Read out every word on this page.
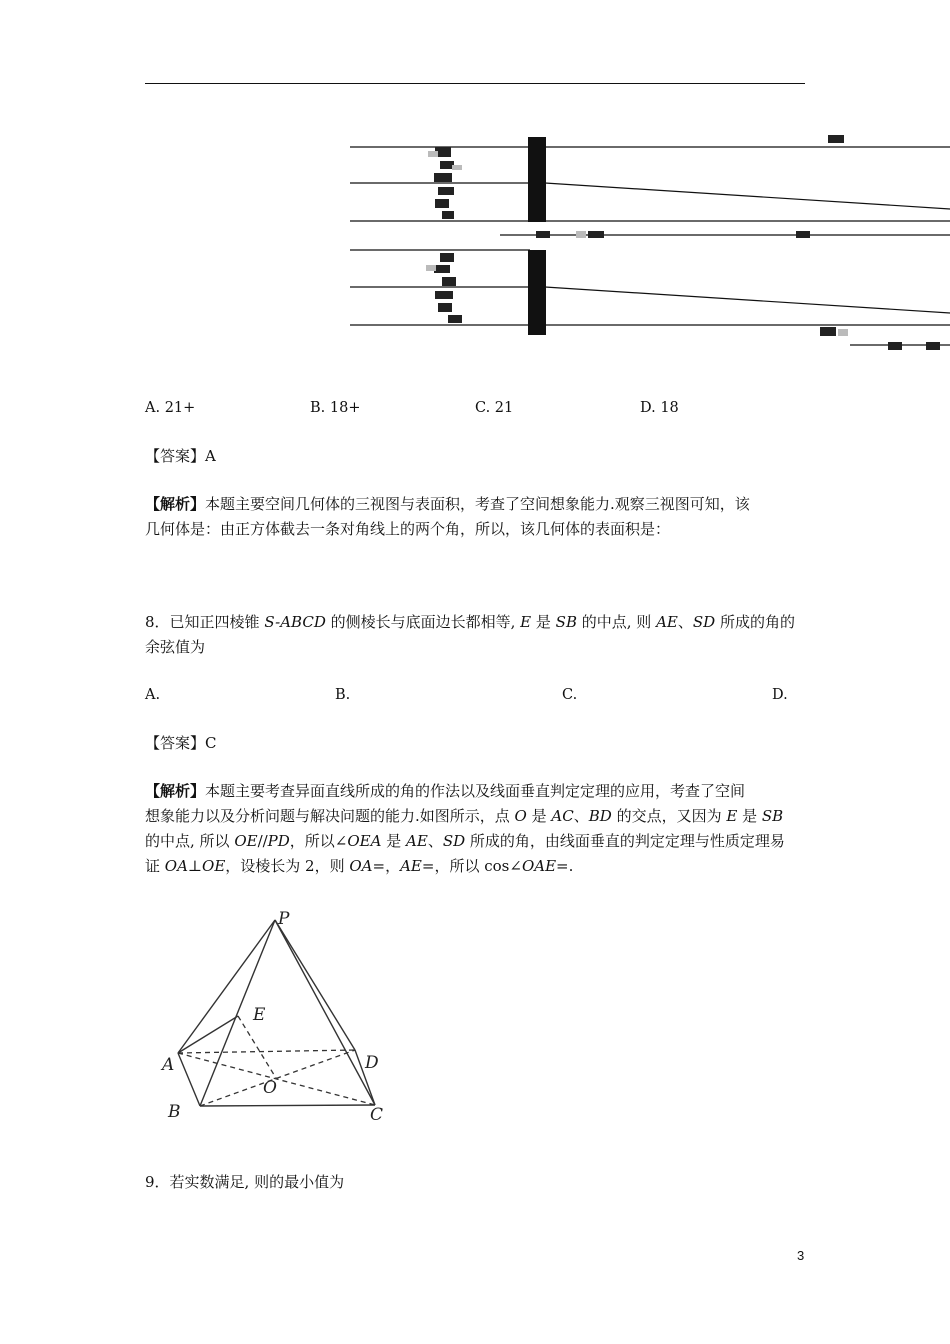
A. 21+	B. 18+	C. 21	D. 18
【答案】A
【解析】本题主要空间几何体的三视图与表面积，考查了空间想象能力.观察三视图可知，该
几何体是：由正方体截去一条对角线上的两个角，所以，该几何体的表面积是：
8．已知正四棱锥 S-ABCD 的侧棱长与底面边长都相等, E 是 SB 的中点, 则 AE、SD 所成的角的
余弦值为
A.	B.	C.	D.
【答案】C
【解析】本题主要考查异面直线所成的角的作法以及线面垂直判定定理的应用，考查了空间
想象能力以及分析问题与解决问题的能力.如图所示，点 O 是 AC、BD 的交点，又因为 E 是 SB
的中点, 所以 OE//PD，所以∠OEA 是 AE、SD 所成的角，由线面垂直的判定定理与性质定理易
证 OA⊥OE，设棱长为 2，则 OA=，AE=，所以 cos∠OAE=.
P
E
A	D
O
B	C
9．若实数满足, 则的最小值为
3
